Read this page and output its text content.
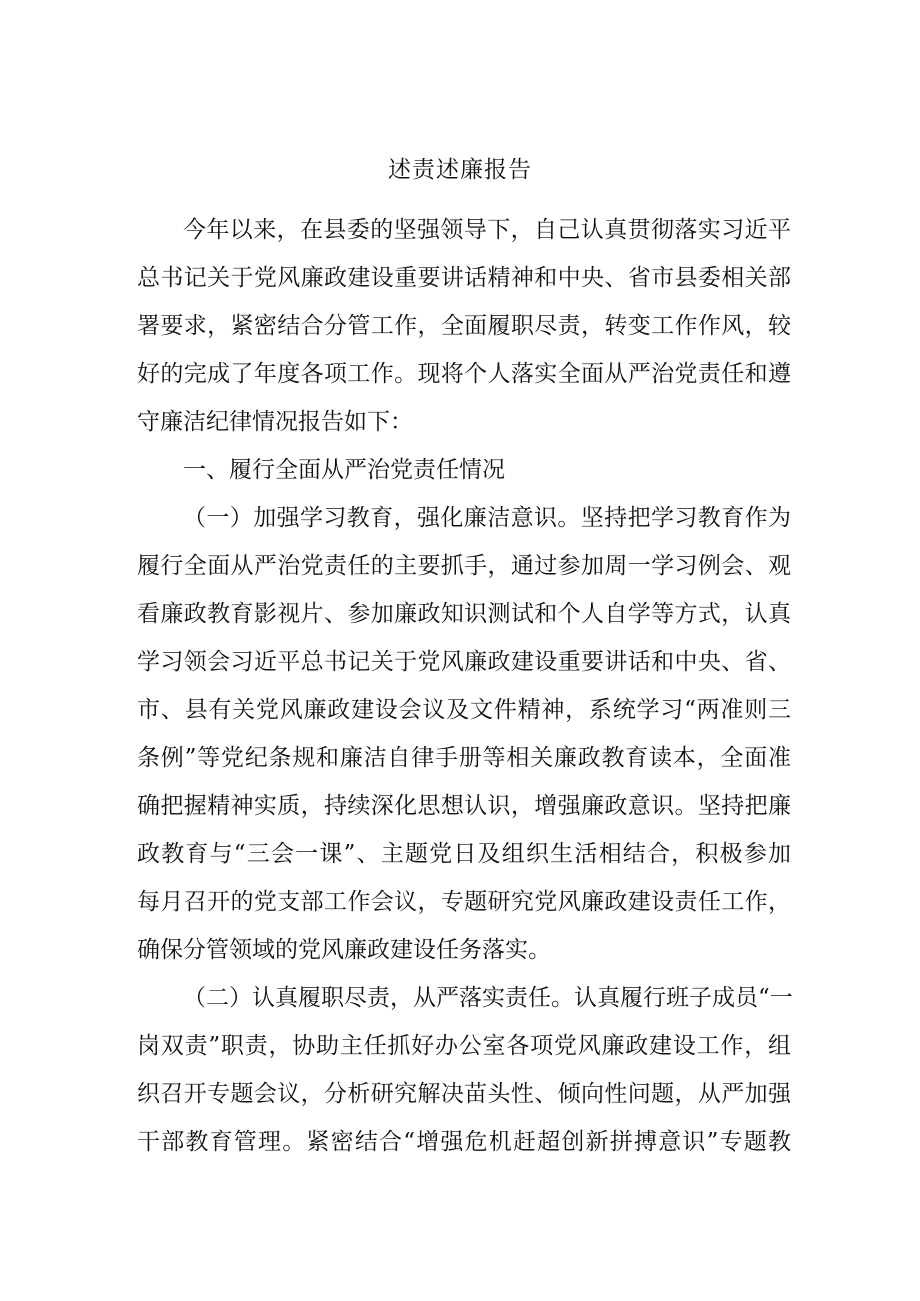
述责述廉报告
今年以来，在县委的坚强领导下，自己认真贯彻落实习近平
总书记关于党风廉政建设重要讲话精神和中央、省市县委相关部
署要求，紧密结合分管工作，全面履职尽责，转变工作作风，较
好的完成了年度各项工作。现将个人落实全面从严治党责任和遵
守廉洁纪律情况报告如下：
一、履行全面从严治党责任情况
（一）加强学习教育，强化廉洁意识。坚持把学习教育作为
履行全面从严治党责任的主要抓手，通过参加周一学习例会、观
看廉政教育影视片、参加廉政知识测试和个人自学等方式，认真
学习领会习近平总书记关于党风廉政建设重要讲话和中央、省、
市、县有关党风廉政建设会议及文件精神，系统学习“两准则三
条例”等党纪条规和廉洁自律手册等相关廉政教育读本，全面准
确把握精神实质，持续深化思想认识，增强廉政意识。坚持把廉
政教育与“三会一课”、主题党日及组织生活相结合，积极参加
每月召开的党支部工作会议，专题研究党风廉政建设责任工作，
确保分管领域的党风廉政建设任务落实。
（二）认真履职尽责，从严落实责任。认真履行班子成员“一
岗双责”职责，协助主任抓好办公室各项党风廉政建设工作，组
织召开专题会议，分析研究解决苗头性、倾向性问题，从严加强
干部教育管理。紧密结合“增强危机赶超创新拼搏意识”专题教
